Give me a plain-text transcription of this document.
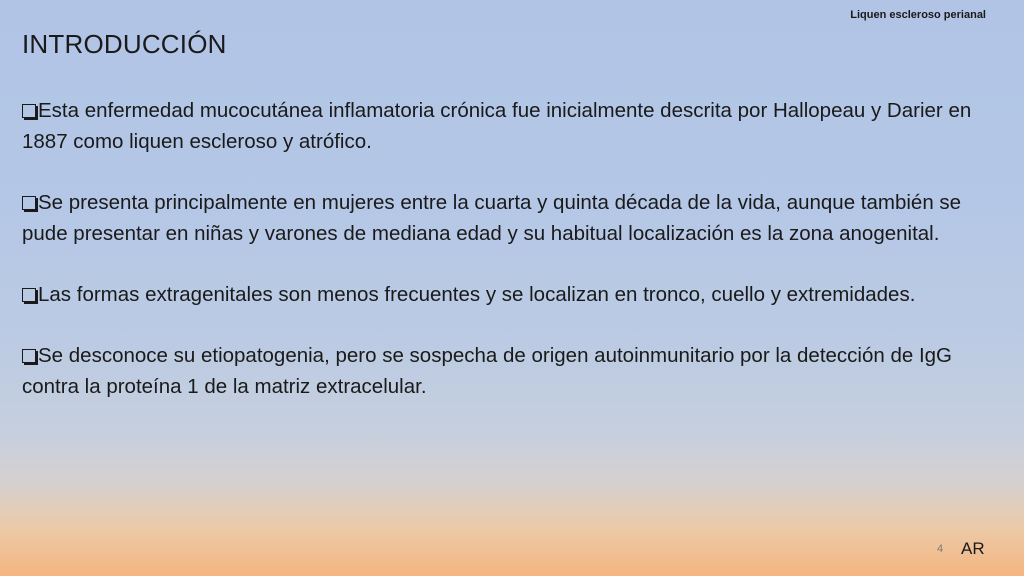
Liquen escleroso perianal
INTRODUCCIÓN

Esta enfermedad mucocutánea inflamatoria crónica fue inicialmente descrita por Hallopeau y Darier en 1887 como liquen escleroso y atrófico.

Se presenta principalmente en mujeres entre la cuarta y quinta década de la vida, aunque también se pude presentar en niñas y varones de mediana edad y su habitual localización es la zona anogenital.

Las formas extragenitales son menos frecuentes y se localizan en tronco, cuello y extremidades.

Se desconoce su etiopatogenia, pero se sospecha de origen autoinmunitario por la detección de IgG contra la proteína 1 de la matriz extracelular.

4 AR
